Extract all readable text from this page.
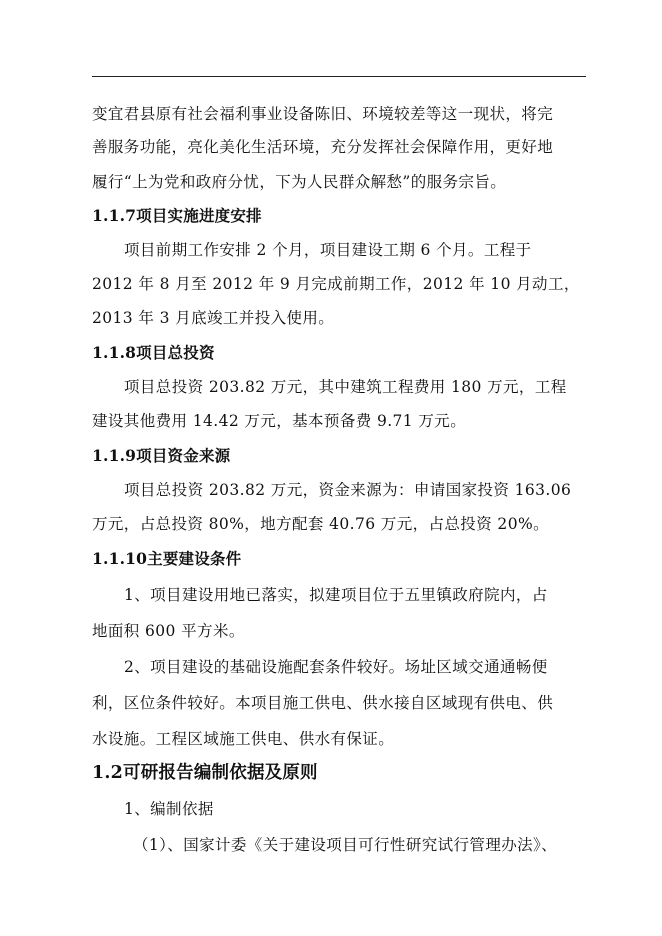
变宜君县原有社会福利事业设备陈旧、环境较差等这一现状，将完
善服务功能，亮化美化生活环境，充分发挥社会保障作用，更好地
履行“上为党和政府分忧，下为人民群众解愁”的服务宗旨。
1.1.7项目实施进度安排
项目前期工作安排 2 个月，项目建设工期 6 个月。工程于
2012 年 8 月至 2012 年 9 月完成前期工作，2012 年 10 月动工，
2013 年 3 月底竣工并投入使用。
1.1.8项目总投资
项目总投资 203.82 万元，其中建筑工程费用 180 万元，工程
建设其他费用 14.42 万元，基本预备费 9.71 万元。
1.1.9项目资金来源
项目总投资 203.82 万元，资金来源为：申请国家投资 163.06
万元，占总投资 80%，地方配套 40.76 万元，占总投资 20%。
1.1.10主要建设条件
1、项目建设用地已落实，拟建项目位于五里镇政府院内，占
地面积 600 平方米。
2、项目建设的基础设施配套条件较好。场址区域交通通畅便
利，区位条件较好。本项目施工供电、供水接自区域现有供电、供
水设施。工程区域施工供电、供水有保证。
1.2可研报告编制依据及原则
1、编制依据
（1）、国家计委《关于建设项目可行性研究试行管理办法》、
